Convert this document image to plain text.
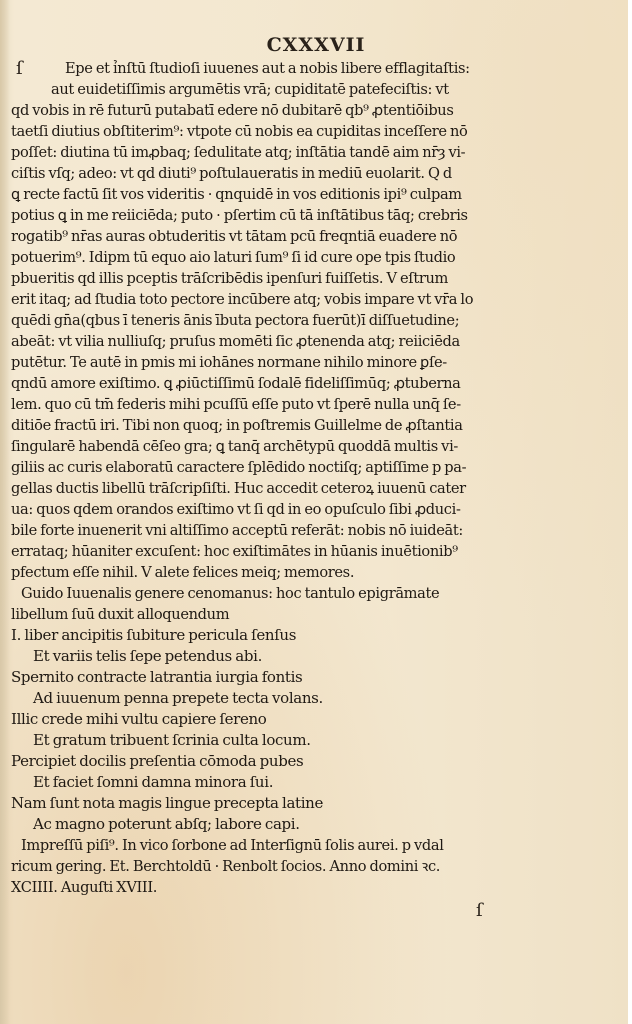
CXXXVII
ſ	Epe et ỉnſtū ſtudioſi iuuenes aut a nobis libere efflagitaſtis:
aut euidetiſſimis argumētis vrā; cupiditatē patefeciſtis: vt
qd vobis in rē futurū putabatī edere nō dubitarē qb⁹ ꝓtentiōibus
taetſi diutius obſtiterim⁹: vtpote cū nobis ea cupiditas inceſſere nō
poſſet: diutina tū imꝓbaq; ſedulitate atq; inſtātia tandē aim nr̄ȝ vi-
ciſtis vſq; adeo: vt qd diuti⁹ poſtulaueratis in mediū euolarit. Q d
ꝗ recte factū ſit vos videritis · qnquidē in vos editionis ipi⁹ culpam
potius ꝗ in me reiiciēda; puto · pſertim cū tā inſtātibus tāq; crebris
rogatib⁹ nr̄as auras obtuderitis vt tātam pcū freqntiā euadere nō
potuerim⁹. Idipm tū equo aio laturi ſum⁹ ſi id cure ope tpis ſtudio
pbueritis qd illis pceptis trāſcribēdis ipenſuri fuiſſetis. V eſtrum
erit itaq; ad ſtudia toto pectore incūbere atq; vobis impare vt vr̄a lo
quēdi gn̄a(qbus ī teneris ānis ībuta pectora fuerūt)ī diſſuetudine;
abeāt: vt vilia nulliuſq; pruſus momēti ſic ꝓtenenda atq; reiiciēda
putētur. Te autē in pmis mi iohānes normane nihilo minore ꝑſe-
qndū amore exiſtimo. ꝗ ꝓiūctiſſimū ſodalē fideliſſimūq; ꝓtuberna
lem. quo cū tm̄ federis mihi pcuſſū eſſe puto vt ſperē nulla unq̄ ſe-
ditiōe fractū iri. Tibi non quoq; in poſtremis Guillelme de ꝓſtantia
ſingularē habendā cēſeo gra; ꝗ tanq̄ archētypū quoddā multis vi-
giliis ac curis elaboratū caractere ſplēdido noctiſq; aptiſſime p pa-
gellas ductis libellū trāſcripſiſti. Huc accedit ceteroꝝ iuuenū cater
ua: quos qdem orandos exiſtimo vt ſi qd in eo opuſculo ſibi ꝓduci-
bile forte inuenerit vni altiſſimo acceptū referāt: nobis nō iuideāt:
errataq; hūaniter excuſent: hoc exiſtimātes in hūanis inuētionib⁹
pfectum eſſe nihil. V alete felices meiq; memores.
Guido Iuuenalis genere cenomanus: hoc tantulo epigrāmate
libellum ſuū duxit alloquendum
I. liber ancipitis ſubiture pericula ſenſus
Et variis telis ſepe petendus abi.
Spernito contracte latrantia iurgia fontis
Ad iuuenum penna prepete tecta volans.
Illic crede mihi vultu capiere ſereno
Et gratum tribuent ſcrinia culta locum.
Percipiet docilis preſentia cōmoda pubes
Et faciet ſomni damna minora ſui.
Nam ſunt nota magis lingue precepta latine
Ac magno poterunt abſq; labore capi.
Impreſſū piſi⁹. In vico ſorbone ad Interſignū ſolis aurei. p vdal
ricum gering. Et. Berchtoldū · Renbolt ſocios. Anno domini ꝛc.
XCIIII. Auguſti XVIII.
ſ
